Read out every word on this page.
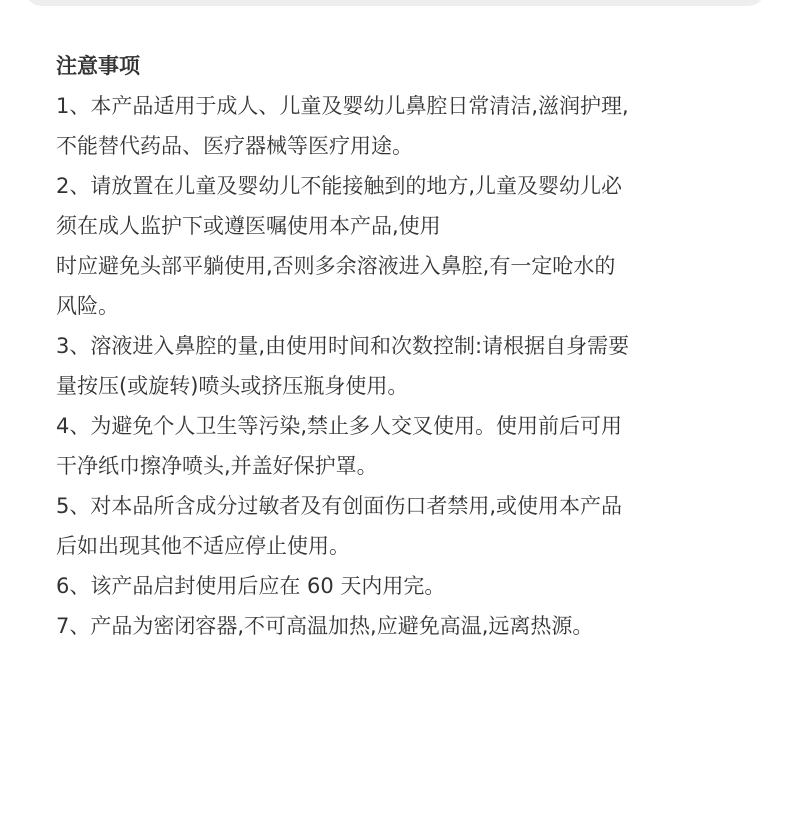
注意事项

1、本产品适用于成人、儿童及婴幼儿鼻腔日常清洁,滋润护理,

不能替代药品、医疗器械等医疗用途。

2、请放置在儿童及婴幼儿不能接触到的地方,儿童及婴幼儿必

须在成人监护下或遵医嘱使用本产品,使用

时应避免头部平躺使用,否则多余溶液进入鼻腔,有一定呛水的

风险。

3、溶液进入鼻腔的量,由使用时间和次数控制:请根据自身需要

量按压(或旋转)喷头或挤压瓶身使用。

4、为避免个人卫生等污染,禁止多人交叉使用。使用前后可用

干净纸巾擦净喷头,并盖好保护罩。

5、对本品所含成分过敏者及有创面伤口者禁用,或使用本产品

后如出现其他不适应停止使用。

6、该产品启封使用后应在 60 天内用完。

7、产品为密闭容器,不可高温加热,应避免高温,远离热源。
